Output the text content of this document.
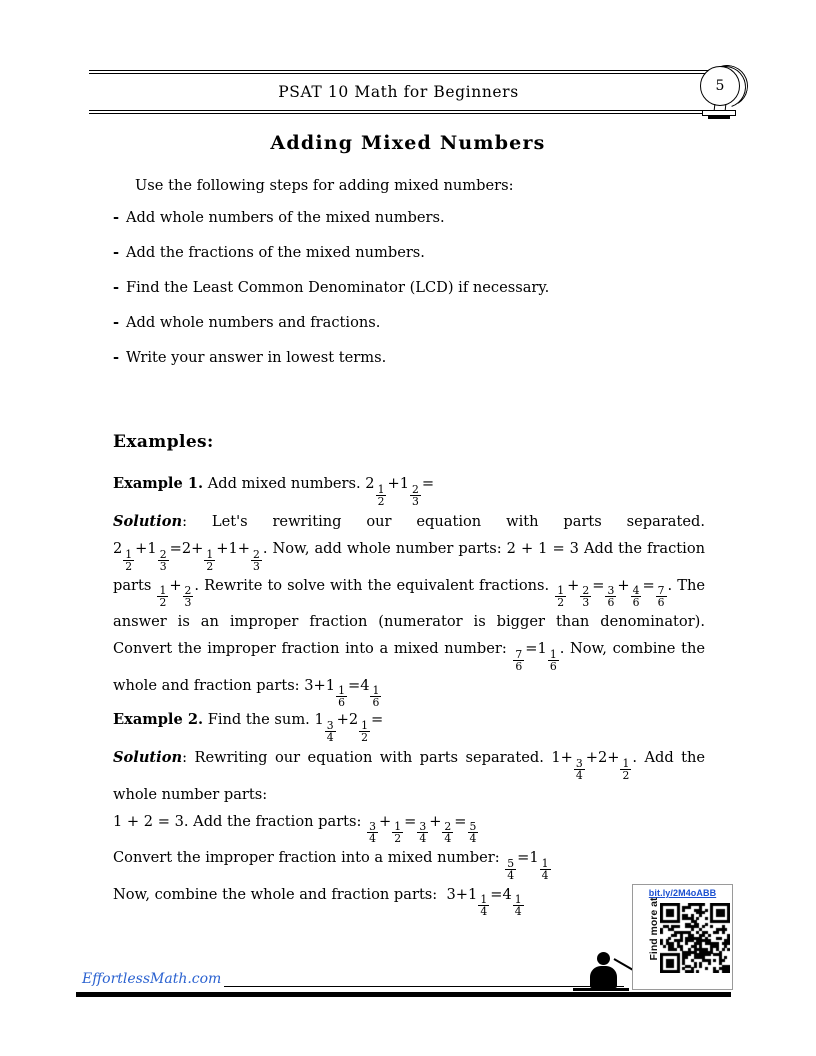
PSAT 10 Math for Beginners	5
Adding Mixed Numbers

Use the following steps for adding mixed numbers:

- Add whole numbers of the mixed numbers.
- Add the fractions of the mixed numbers.
- Find the Least Common Denominator (LCD) if necessary.
- Add whole numbers and fractions.
- Write your answer in lowest terms.
Examples:

Example 1. Add mixed numbers. 2
$\frac{1}{2}$
+1
$\frac{2}{3}$
=

Solution: Let's rewriting our equation with parts separated. 2
$\frac{1}{2}$
+1
$\frac{2}{3}$
=2+
$\frac{1}{2}$
+1+
$\frac{2}{3}$
. Now, add whole number parts: 2 + 1 = 3 Add the fraction parts
$\frac{1}{2}$
+
$\frac{2}{3}$
. Rewrite to solve with the equivalent fractions.
$\frac{1}{2}$
+
$\frac{2}{3}$
=
$\frac{3}{6}$
+
$\frac{4}{6}$
=
$\frac{7}{6}$
. The answer is an improper fraction (numerator is bigger than denominator). Convert the improper fraction into a mixed number:
$\frac{7}{6}$
=1
$\frac{1}{6}$
. Now, combine the whole and fraction parts: 3+1
$\frac{1}{6}$
=4
$\frac{1}{6}$

Example 2. Find the sum. 1
$\frac{3}{4}$
+2
$\frac{1}{2}$
=

Solution: Rewriting our equation with parts separated. 1+
$\frac{3}{4}$
+2+
$\frac{1}{2}$
. Add the whole number parts:

1 + 2 = 3. Add the fraction parts:
$\frac{3}{4}$
+
$\frac{1}{2}$
=
$\frac{3}{4}$
+
$\frac{2}{4}$
=
$\frac{5}{4}$

Convert the improper fraction into a mixed number:
$\frac{5}{4}$
=1
$\frac{1}{4}$

Now, combine the whole and fraction parts: 3+1
$\frac{1}{4}$
=4
$\frac{1}{4}$

bit.ly/2M4oABB
Find more at
EffortlessMath.com
